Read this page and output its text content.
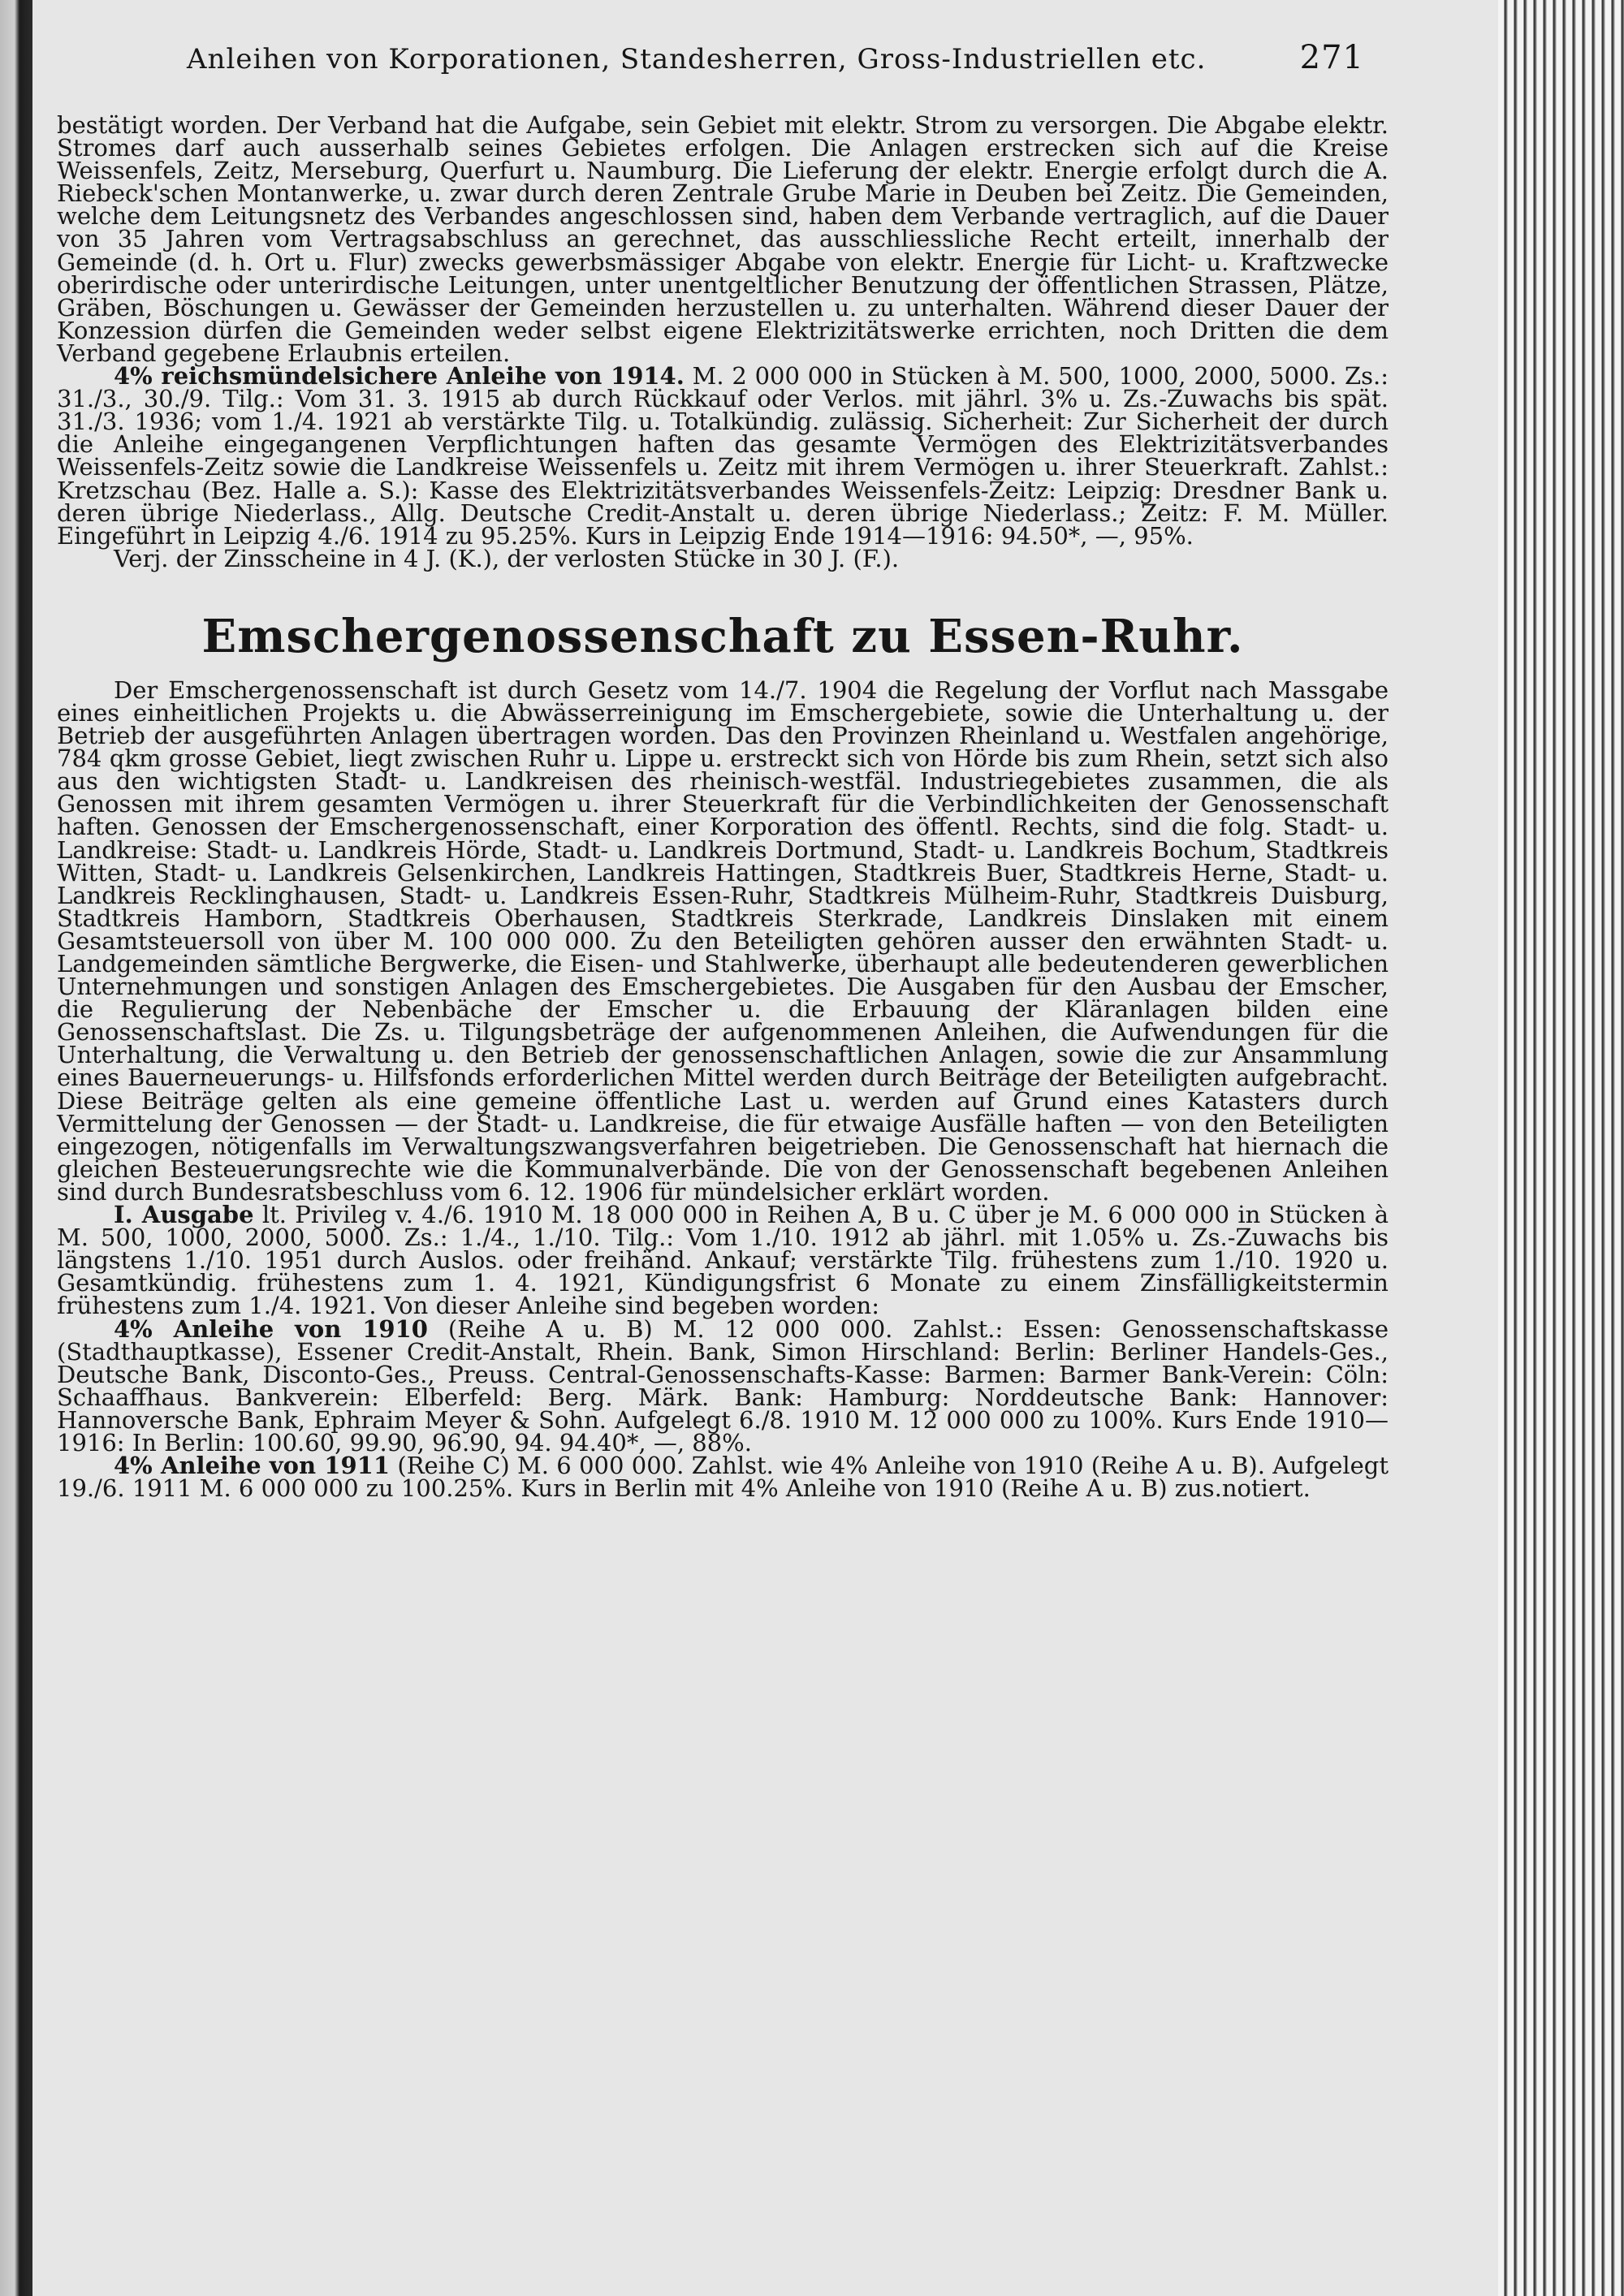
Anleihen von Korporationen, Standesherren, Gross-Industriellen etc.	271

bestätigt worden. Der Verband hat die Aufgabe, sein Gebiet mit elektr. Strom zu versorgen. Die Abgabe elektr. Stromes darf auch ausserhalb seines Gebietes erfolgen. Die Anlagen erstrecken sich auf die Kreise Weissenfels, Zeitz, Merseburg, Querfurt u. Naumburg. Die Lieferung der elektr. Energie erfolgt durch die A. Riebeck'schen Montanwerke, u. zwar durch deren Zentrale Grube Marie in Deuben bei Zeitz. Die Gemeinden, welche dem Leitungsnetz des Verbandes angeschlossen sind, haben dem Verbande vertraglich, auf die Dauer von 35 Jahren vom Vertragsabschluss an gerechnet, das ausschliessliche Recht erteilt, innerhalb der Gemeinde (d. h. Ort u. Flur) zwecks gewerbsmässiger Abgabe von elektr. Energie für Licht- u. Kraftzwecke oberirdische oder unterirdische Leitungen, unter unentgeltlicher Benutzung der öffentlichen Strassen, Plätze, Gräben, Böschungen u. Gewässer der Gemeinden herzustellen u. zu unterhalten. Während dieser Dauer der Konzession dürfen die Gemeinden weder selbst eigene Elektrizitätswerke errichten, noch Dritten die dem Verband gegebene Erlaubnis erteilen.

4% reichsmündelsichere Anleihe von 1914. M. 2 000 000 in Stücken à M. 500, 1000, 2000, 5000. Zs.: 31./3., 30./9. Tilg.: Vom 31. 3. 1915 ab durch Rückkauf oder Verlos. mit jährl. 3% u. Zs.-Zuwachs bis spät. 31./3. 1936; vom 1./4. 1921 ab verstärkte Tilg. u. Totalkündig. zulässig. Sicherheit: Zur Sicherheit der durch die Anleihe eingegangenen Verpflichtungen haften das gesamte Vermögen des Elektrizitätsverbandes Weissenfels-Zeitz sowie die Landkreise Weissenfels u. Zeitz mit ihrem Vermögen u. ihrer Steuerkraft. Zahlst.: Kretzschau (Bez. Halle a. S.): Kasse des Elektrizitätsverbandes Weissenfels-Zeitz: Leipzig: Dresdner Bank u. deren übrige Niederlass., Allg. Deutsche Credit-Anstalt u. deren übrige Niederlass.; Zeitz: F. M. Müller. Eingeführt in Leipzig 4./6. 1914 zu 95.25%. Kurs in Leipzig Ende 1914—1916: 94.50*, —, 95%.

Verj. der Zinsscheine in 4 J. (K.), der verlosten Stücke in 30 J. (F.).

Emschergenossenschaft zu Essen-Ruhr.

Der Emschergenossenschaft ist durch Gesetz vom 14./7. 1904 die Regelung der Vorflut nach Massgabe eines einheitlichen Projekts u. die Abwässerreinigung im Emschergebiete, sowie die Unterhaltung u. der Betrieb der ausgeführten Anlagen übertragen worden. Das den Provinzen Rheinland u. Westfalen angehörige, 784 qkm grosse Gebiet, liegt zwischen Ruhr u. Lippe u. erstreckt sich von Hörde bis zum Rhein, setzt sich also aus den wichtigsten Stadt- u. Landkreisen des rheinisch-westfäl. Industriegebietes zusammen, die als Genossen mit ihrem gesamten Vermögen u. ihrer Steuerkraft für die Verbindlichkeiten der Genossenschaft haften. Genossen der Emschergenossenschaft, einer Korporation des öffentl. Rechts, sind die folg. Stadt- u. Landkreise: Stadt- u. Landkreis Hörde, Stadt- u. Landkreis Dortmund, Stadt- u. Landkreis Bochum, Stadtkreis Witten, Stadt- u. Landkreis Gelsenkirchen, Landkreis Hattingen, Stadtkreis Buer, Stadtkreis Herne, Stadt- u. Landkreis Recklinghausen, Stadt- u. Landkreis Essen-Ruhr, Stadtkreis Mülheim-Ruhr, Stadtkreis Duisburg, Stadtkreis Hamborn, Stadtkreis Oberhausen, Stadtkreis Sterkrade, Landkreis Dinslaken mit einem Gesamtsteuersoll von über M. 100 000 000. Zu den Beteiligten gehören ausser den erwähnten Stadt- u. Landgemeinden sämtliche Bergwerke, die Eisen- und Stahlwerke, überhaupt alle bedeutenderen gewerblichen Unternehmungen und sonstigen Anlagen des Emschergebietes. Die Ausgaben für den Ausbau der Emscher, die Regulierung der Nebenbäche der Emscher u. die Erbauung der Kläranlagen bilden eine Genossenschaftslast. Die Zs. u. Tilgungsbeträge der aufgenommenen Anleihen, die Aufwendungen für die Unterhaltung, die Verwaltung u. den Betrieb der genossenschaftlichen Anlagen, sowie die zur Ansammlung eines Bauerneuerungs- u. Hilfsfonds erforderlichen Mittel werden durch Beiträge der Beteiligten aufgebracht. Diese Beiträge gelten als eine gemeine öffentliche Last u. werden auf Grund eines Katasters durch Vermittelung der Genossen — der Stadt- u. Landkreise, die für etwaige Ausfälle haften — von den Beteiligten eingezogen, nötigenfalls im Verwaltungszwangsverfahren beigetrieben. Die Genossenschaft hat hiernach die gleichen Besteuerungsrechte wie die Kommunalverbände. Die von der Genossenschaft begebenen Anleihen sind durch Bundesratsbeschluss vom 6. 12. 1906 für mündelsicher erklärt worden.

I. Ausgabe lt. Privileg v. 4./6. 1910 M. 18 000 000 in Reihen A, B u. C über je M. 6 000 000 in Stücken à M. 500, 1000, 2000, 5000. Zs.: 1./4., 1./10. Tilg.: Vom 1./10. 1912 ab jährl. mit 1.05% u. Zs.-Zuwachs bis längstens 1./10. 1951 durch Auslos. oder freihänd. Ankauf; verstärkte Tilg. frühestens zum 1./10. 1920 u. Gesamtkündig. frühestens zum 1. 4. 1921, Kündigungsfrist 6 Monate zu einem Zinsfälligkeitstermin frühestens zum 1./4. 1921. Von dieser Anleihe sind begeben worden:

4% Anleihe von 1910 (Reihe A u. B) M. 12 000 000. Zahlst.: Essen: Genossenschaftskasse (Stadthauptkasse), Essener Credit-Anstalt, Rhein. Bank, Simon Hirschland: Berlin: Berliner Handels-Ges., Deutsche Bank, Disconto-Ges., Preuss. Central-Genossenschafts-Kasse: Barmen: Barmer Bank-Verein: Cöln: Schaaffhaus. Bankverein: Elberfeld: Berg. Märk. Bank: Hamburg: Norddeutsche Bank: Hannover: Hannoversche Bank, Ephraim Meyer & Sohn. Aufgelegt 6./8. 1910 M. 12 000 000 zu 100%. Kurs Ende 1910—1916: In Berlin: 100.60, 99.90, 96.90, 94. 94.40*, —, 88%.

4% Anleihe von 1911 (Reihe C) M. 6 000 000. Zahlst. wie 4% Anleihe von 1910 (Reihe A u. B). Aufgelegt 19./6. 1911 M. 6 000 000 zu 100.25%. Kurs in Berlin mit 4% Anleihe von 1910 (Reihe A u. B) zus.notiert.
